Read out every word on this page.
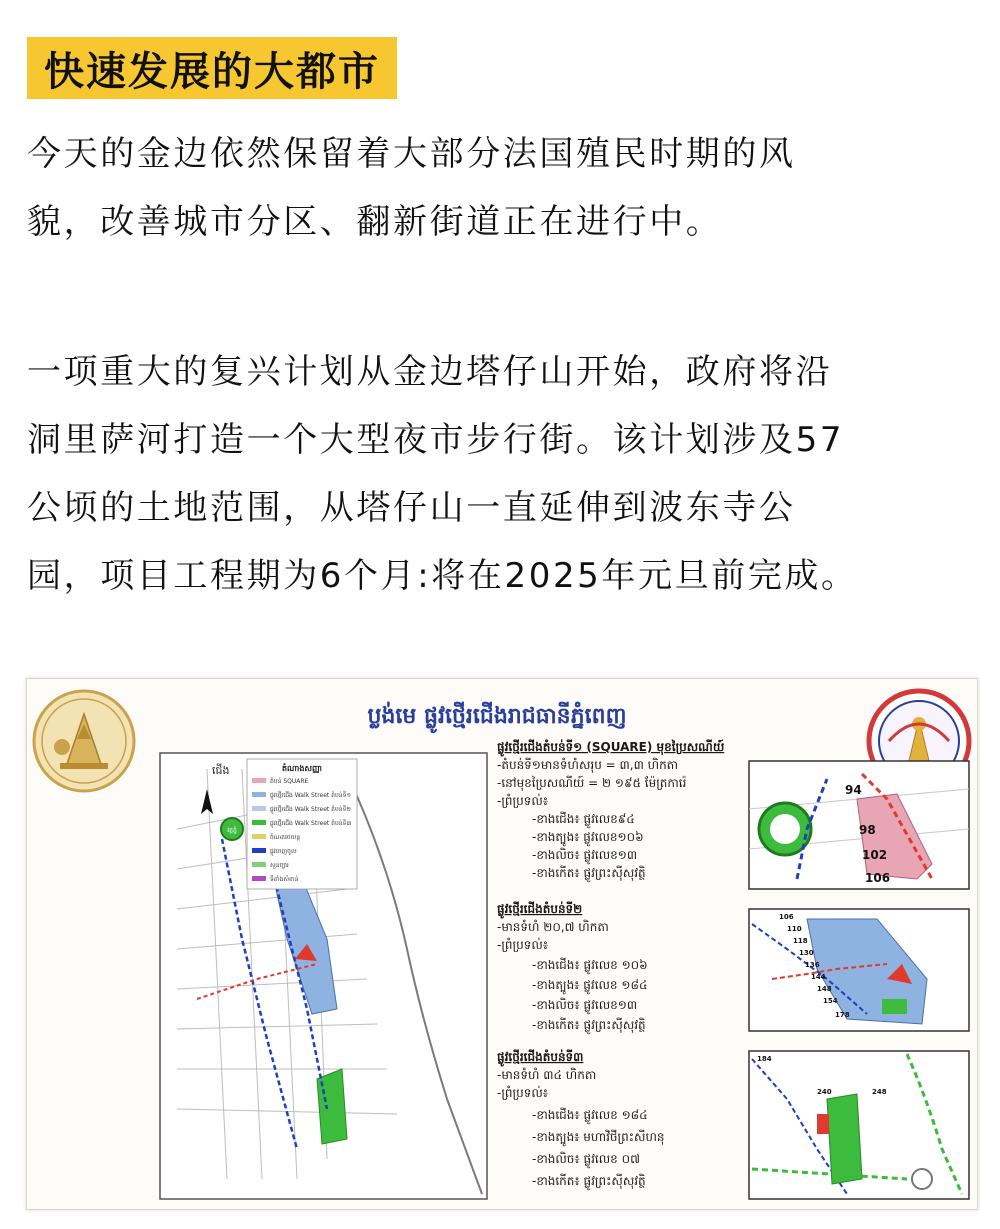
快速发展的大都市
今天的金边依然保留着大部分法国殖民时期的风
貌，改善城市分区、翻新街道正在进行中。
一项重大的复兴计划从金边塔仔山开始，政府将沿
洞里萨河打造一个大型夜市步行街。该计划涉及57
公顷的土地范围，从塔仔山一直延伸到波东寺公
园，项目工程期为6个月:将在2025年元旦前完成。
ប្លង់មេ ផ្លូវថ្មើរជើងរាជធានីភ្នំពេញ
ជើង	តំណាងសញ្ញា
តំបន់ SQUARE
ផ្លូវថ្មើរជើង Walk Street តំបន់ទី១
ផ្លូវថ្មើរជើង Walk Street តំបន់ទី២
ផ្លូវថ្មើរជើង Walk Street តំបន់ទី៣
ចំណតរថយន្ត
ផ្លូវចេញចូល
សួនច្បារ
ទីតាំងសំខាន់
វត្តភ្នំ
ផ្លូវថ្មើរជើងតំបន់ទី១ (SQUARE) មុខប្រៃសណីយ៍
-តំបន់ទី១មានទំហំសរុប = ៣,៣ ហិកតា
-នៅមុខប្រៃសណីយ៍ = ២ ១៩៥ ម៉ែត្រការ៉េ
-ព្រំប្រទល់៖
-ខាងជើង៖ ផ្លូវលេខ៩៤
-ខាងត្បូង៖ ផ្លូវលេខ១០៦
-ខាងលិច៖ ផ្លូវលេខ១៣
-ខាងកើត៖ ផ្លូវព្រះស៊ីសុវត្ថិ
ផ្លូវថ្មើរជើងតំបន់ទី២
-មានទំហំ ២០,៧ ហិកតា
-ព្រំប្រទល់៖
-ខាងជើង៖ ផ្លូវលេខ ១០៦
-ខាងត្បូង៖ ផ្លូវលេខ ១៨៤
-ខាងលិច៖ ផ្លូវលេខ១៣
-ខាងកើត៖ ផ្លូវព្រះស៊ីសុវត្ថិ
ផ្លូវថ្មើរជើងតំបន់ទី៣
-មានទំហំ ៣៤ ហិកតា
-ព្រំប្រទល់៖
-ខាងជើង៖ ផ្លូវលេខ ១៨៤
-ខាងត្បូង៖ មហាវិថីព្រះសីហនុ
-ខាងលិច៖ ផ្លូវលេខ ០៧
-ខាងកើត៖ ផ្លូវព្រះស៊ីសុវត្ថិ
94
98
102
106
106
110
118
130
136
144
148
154
178
184
240	248
